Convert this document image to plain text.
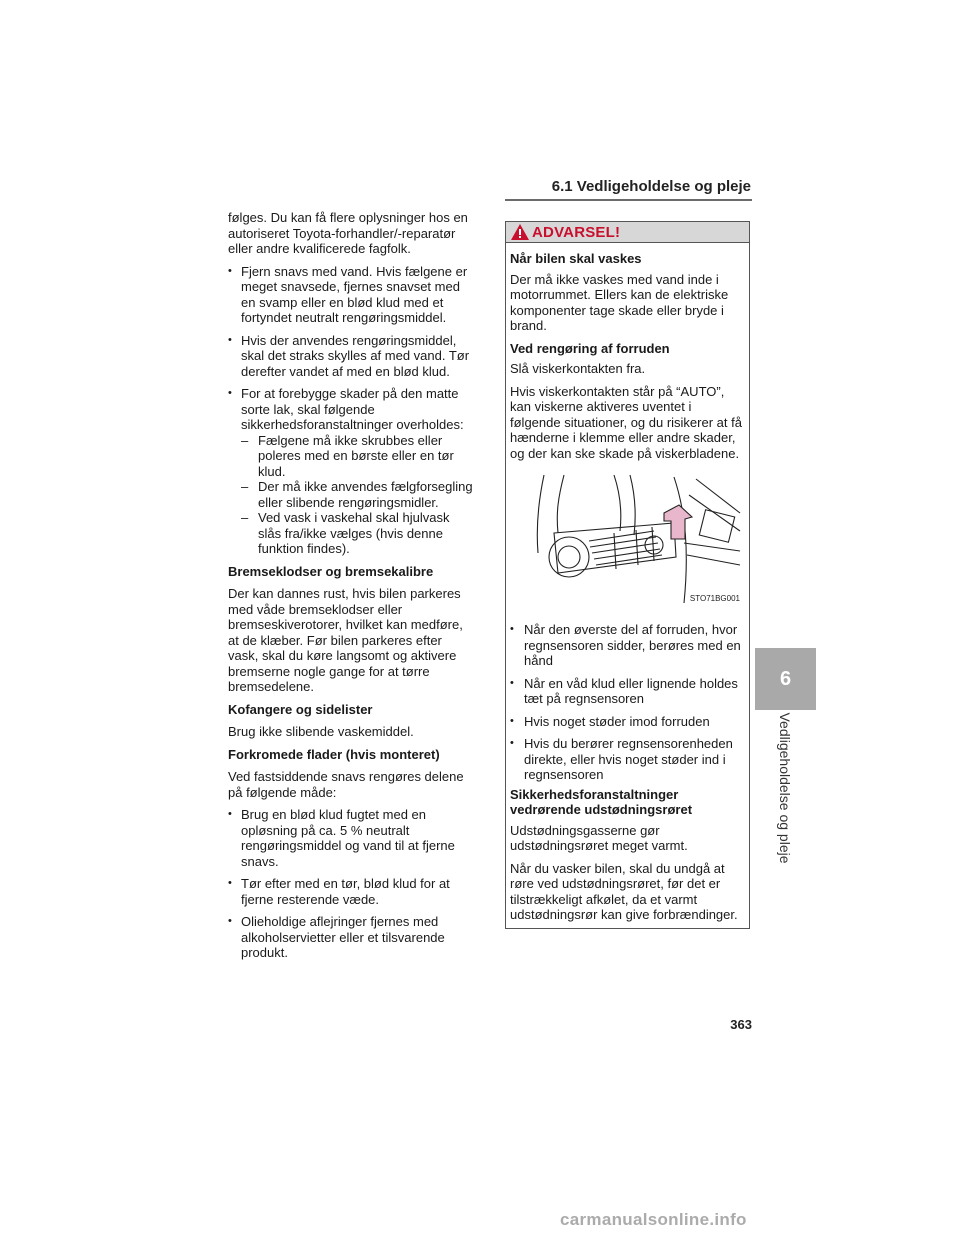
6.1 Vedligeholdelse og pleje

følges. Du kan få flere oplysninger hos en autoriseret Toyota-forhandler/-reparatør eller andre kvalificerede fagfolk.

• Fjern snavs med vand. Hvis fælgene er meget snavsede, fjernes snavset med en svamp eller en blød klud med et fortyndet neutralt rengøringsmiddel.
• Hvis der anvendes rengøringsmiddel, skal det straks skylles af med vand. Tør derefter vandet af med en blød klud.
• For at forebygge skader på den matte sorte lak, skal følgende sikkerhedsforanstaltninger overholdes:
– Fælgene må ikke skrubbes eller poleres med en børste eller en tør klud.
– Der må ikke anvendes fælgforsegling eller slibende rengøringsmidler.
– Ved vask i vaskehal skal hjulvask slås fra/ikke vælges (hvis denne funktion findes).
Bremseklodser og bremsekalibre

Der kan dannes rust, hvis bilen parkeres med våde bremseklodser eller bremseskiverotorer, hvilket kan medføre, at de klæber. Før bilen parkeres efter vask, skal du køre langsomt og aktivere bremserne nogle gange for at tørre bremsedelene.

Kofangere og sidelister

Brug ikke slibende vaskemiddel.

Forkromede flader (hvis monteret)

Ved fastsiddende snavs rengøres delene på følgende måde:

• Brug en blød klud fugtet med en opløsning på ca. 5 % neutralt rengøringsmiddel og vand til at fjerne snavs.
• Tør efter med en tør, blød klud for at fjerne resterende væde.
• Olieholdige aflejringer fjernes med alkoholservietter eller et tilsvarende produkt.
ADVARSEL!
Når bilen skal vaskes

Der må ikke vaskes med vand inde i motorrummet. Ellers kan de elektriske komponenter tage skade eller bryde i brand.

Ved rengøring af forruden

Slå viskerkontakten fra.

Hvis viskerkontakten står på “AUTO”, kan viskerne aktiveres uventet i følgende situationer, og du risikerer at få hænderne i klemme eller andre skader, og der kan ske skade på viskerbladene.

STO71BG001
• Når den øverste del af forruden, hvor regnsensoren sidder, berøres med en hånd
• Når en våd klud eller lignende holdes tæt på regnsensoren
• Hvis noget støder imod forruden
• Hvis du berører regnsensorenheden direkte, eller hvis noget støder ind i regnsensoren
Sikkerhedsforanstaltninger vedrørende udstødningsrøret

Udstødningsgasserne gør udstødningsrøret meget varmt.

Når du vasker bilen, skal du undgå at røre ved udstødningsrøret, før det er tilstrækkeligt afkølet, da et varmt udstødningsrør kan give forbrændinger.

6
Vedligeholdelse og pleje
363
carmanualsonline.info
